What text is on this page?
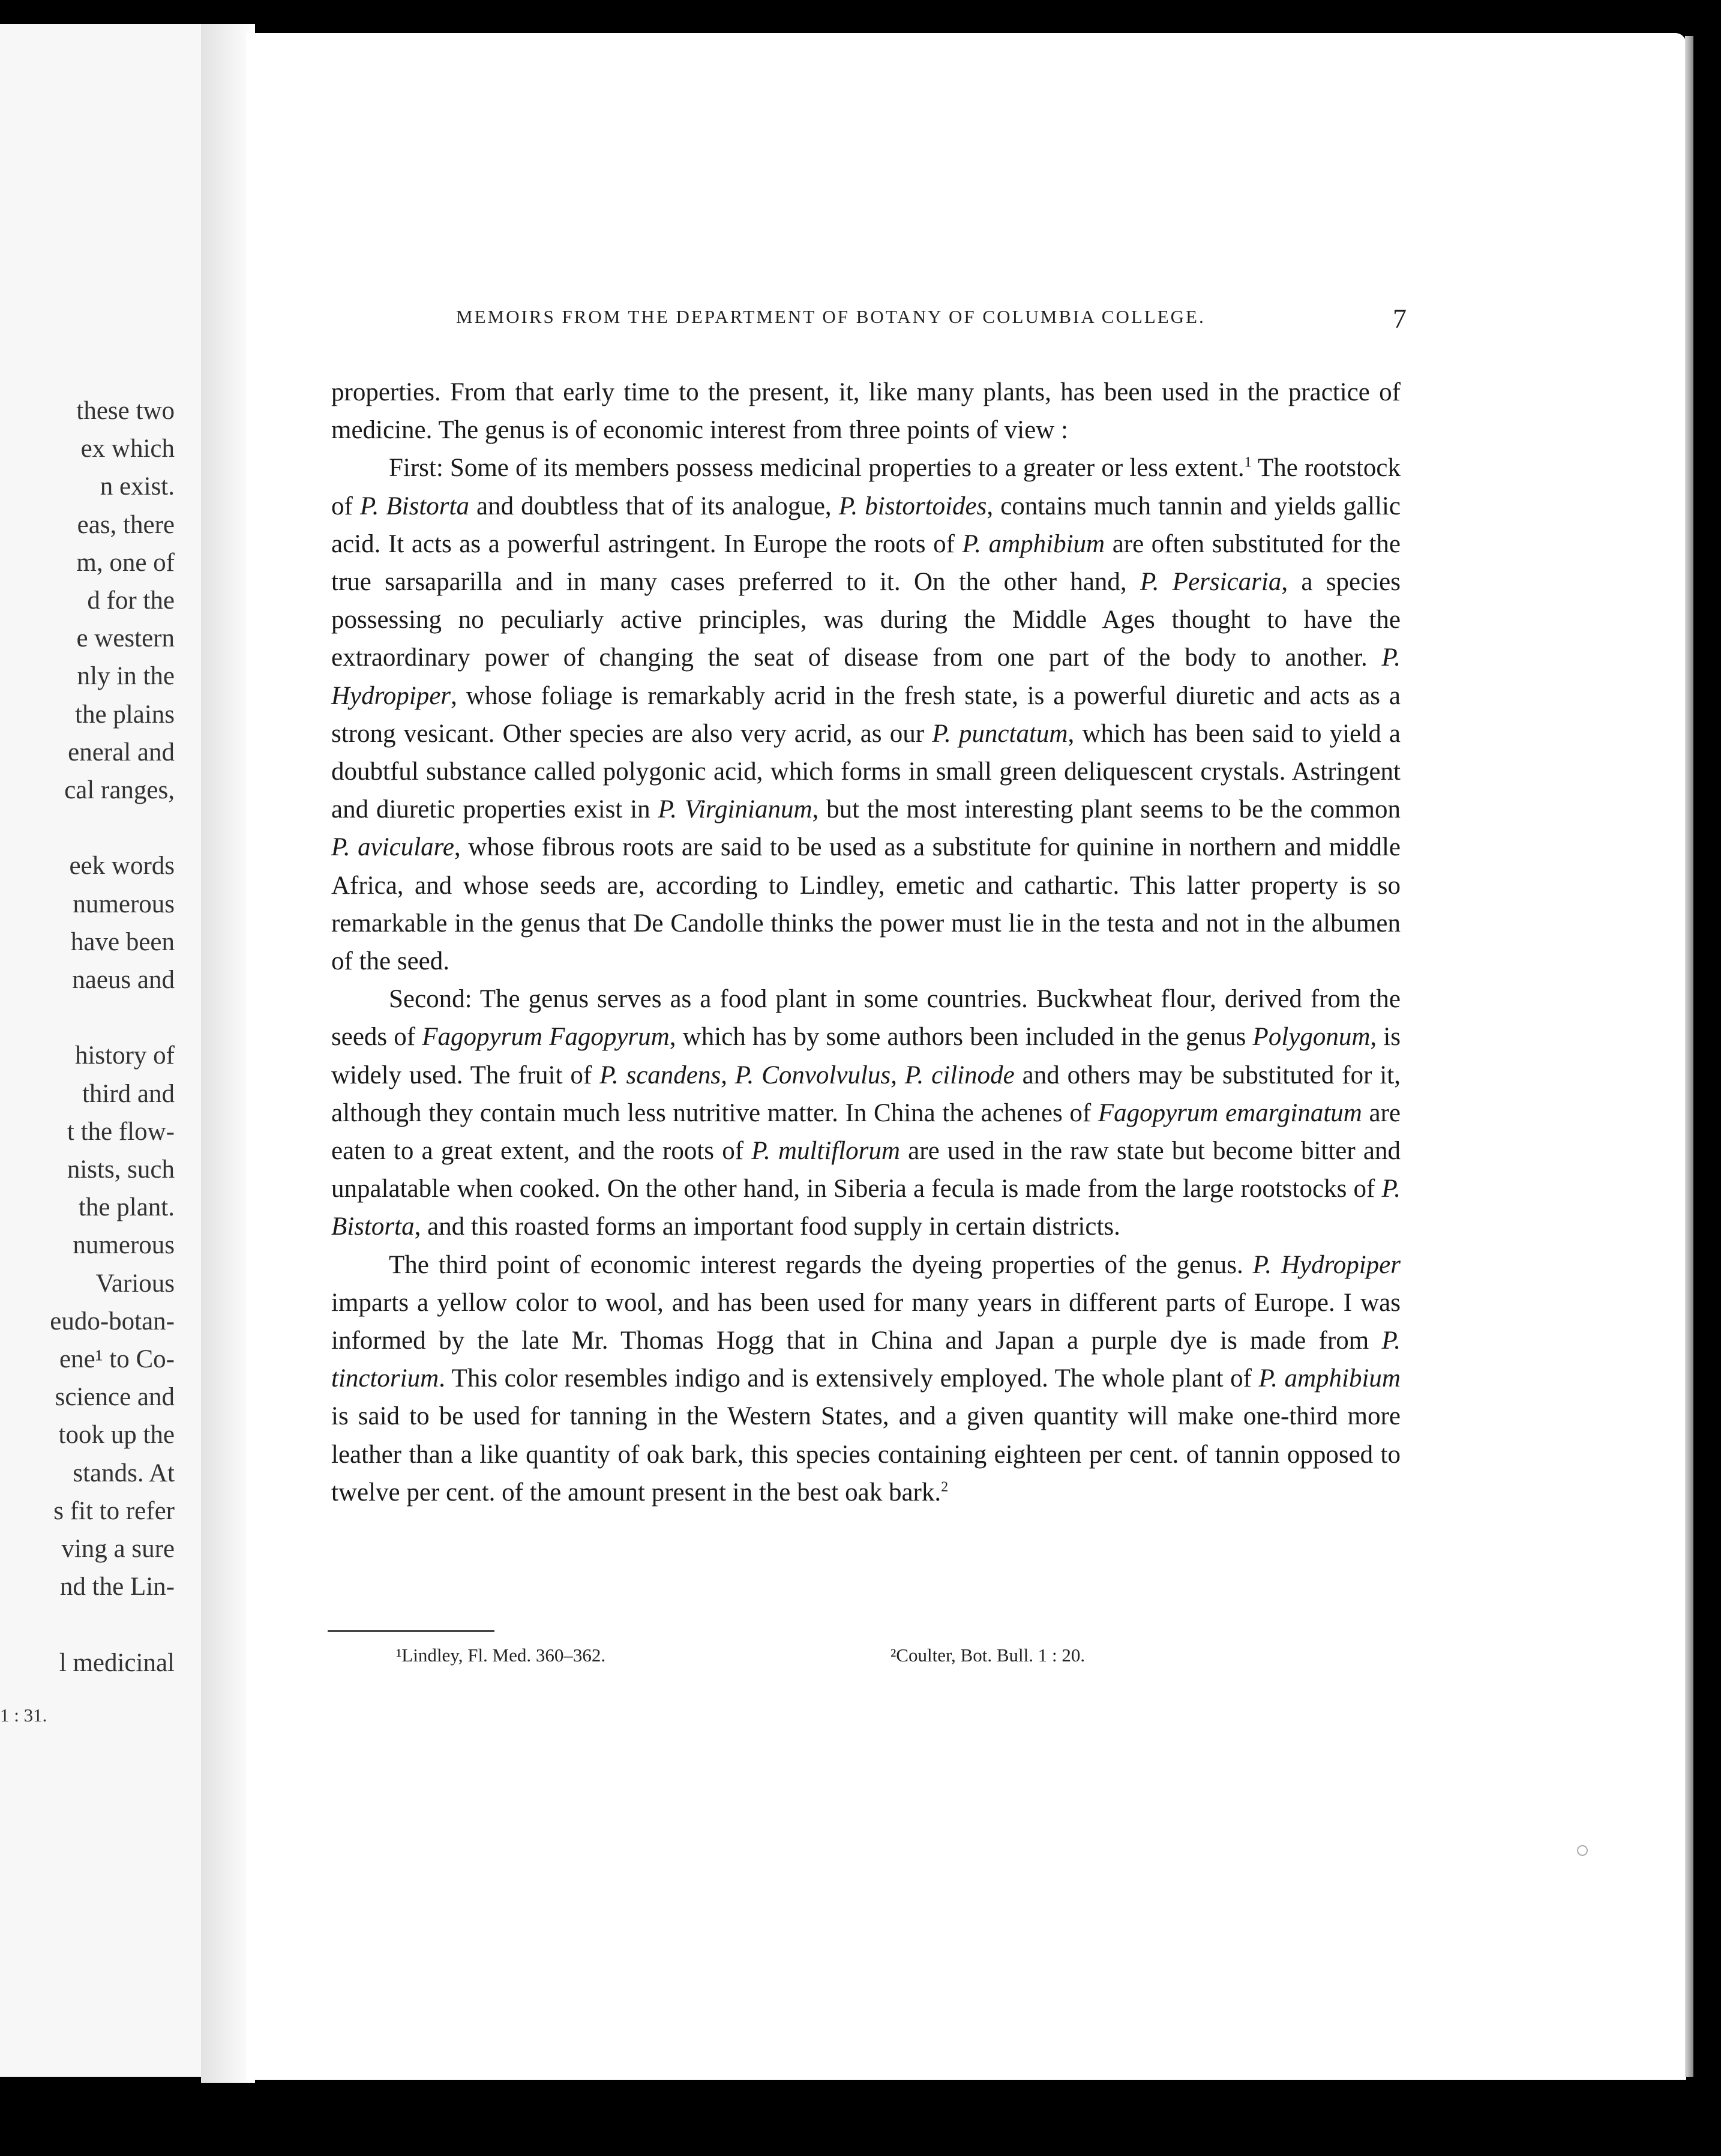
these two
ex which
n exist.
eas, there
m, one of
d for the
e western
nly in the
the plains
eneral and
cal ranges,
eek words
numerous
have been
naeus and
history of
third and
t the flow-
nists, such
the plant.
numerous
Various
eudo-botan-
ene¹ to Co-
science and
took up the
stands. At
s fit to refer
ving a sure
nd the Lin-
l medicinal
1 : 31.
MEMOIRS FROM THE DEPARTMENT OF BOTANY OF COLUMBIA COLLEGE.	7

properties. From that early time to the present, it, like many plants, has been used in the practice of medicine. The genus is of economic interest from three points of view :

First: Some of its members possess medicinal properties to a greater or less extent.$^1$ The rootstock of P. Bistorta and doubtless that of its analogue, P. bistortoides, contains much tannin and yields gallic acid. It acts as a powerful astringent. In Europe the roots of P. amphibium are often substituted for the true sarsaparilla and in many cases preferred to it. On the other hand, P. Persicaria, a species possessing no peculiarly active principles, was during the Middle Ages thought to have the extraordinary power of changing the seat of disease from one part of the body to another. P. Hydropiper, whose foliage is remarkably acrid in the fresh state, is a powerful diuretic and acts as a strong vesicant. Other species are also very acrid, as our P. punctatum, which has been said to yield a doubtful substance called polygonic acid, which forms in small green deliquescent crystals. Astringent and diuretic properties exist in P. Virginianum, but the most interesting plant seems to be the common P. aviculare, whose fibrous roots are said to be used as a substitute for quinine in northern and middle Africa, and whose seeds are, according to Lindley, emetic and cathartic. This latter property is so remarkable in the genus that De Candolle thinks the power must lie in the testa and not in the albumen of the seed.

Second: The genus serves as a food plant in some countries. Buckwheat flour, derived from the seeds of Fagopyrum Fagopyrum, which has by some authors been included in the genus Polygonum, is widely used. The fruit of P. scandens, P. Convolvulus, P. cilinode and others may be substituted for it, although they contain much less nutritive matter. In China the achenes of Fagopyrum emarginatum are eaten to a great extent, and the roots of P. multiflorum are used in the raw state but become bitter and unpalatable when cooked. On the other hand, in Siberia a fecula is made from the large rootstocks of P. Bistorta, and this roasted forms an important food supply in certain districts.

The third point of economic interest regards the dyeing properties of the genus. P. Hydropiper imparts a yellow color to wool, and has been used for many years in different parts of Europe. I was informed by the late Mr. Thomas Hogg that in China and Japan a purple dye is made from P. tinctorium. This color resembles indigo and is extensively employed. The whole plant of P. amphibium is said to be used for tanning in the Western States, and a given quantity will make one-third more leather than a like quantity of oak bark, this species containing eighteen per cent. of tannin opposed to twelve per cent. of the amount present in the best oak bark.$^2$

¹Lindley, Fl. Med. 360–362.	²Coulter, Bot. Bull. 1 : 20.
